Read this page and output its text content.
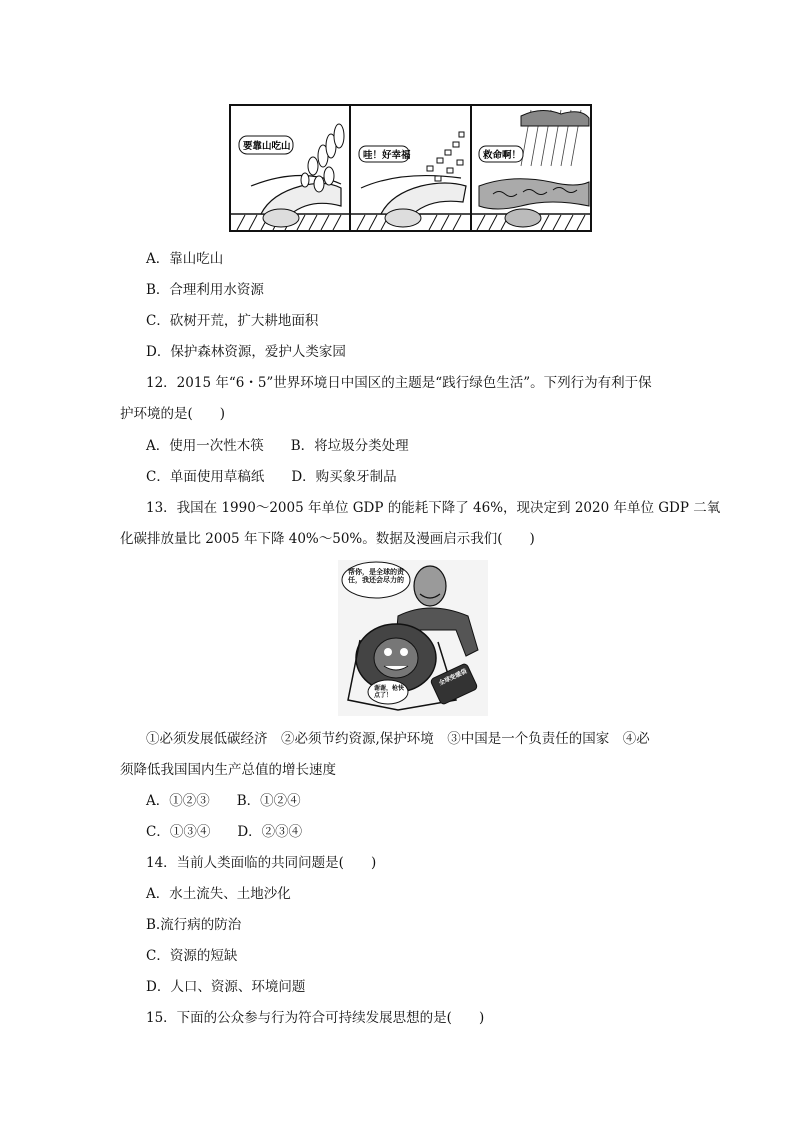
要靠山吃山
哇！好幸福	救命啊！
A．靠山吃山
B．合理利用水资源
C．砍树开荒，扩大耕地面积
D．保护森林资源，爱护人类家园
12．2015 年“6・5”世界环境日中国区的主题是“践行绿色生活”。下列行为有利于保
护环境的是(　　)
A．使用一次性木筷　　B．将垃圾分类处理
C．单面使用草稿纸　　D．购买象牙制品
13．我国在 1990～2005 年单位 GDP 的能耗下降了 46%，现决定到 2020 年单位 GDP 二氧
化碳排放量比 2005 年下降 40%～50%。数据及漫画启示我们(　　)
帮你，是全球的责任，我还会尽力的
谢谢，枪快点了！
全球变暖袋
①必须发展低碳经济　②必须节约资源,保护环境　③中国是一个负责任的国家　④必
须降低我国国内生产总值的增长速度
A．①②③　　B．①②④
C．①③④　　D．②③④
14．当前人类面临的共同问题是(　　)
A．水土流失、土地沙化
B.流行病的防治
C．资源的短缺
D．人口、资源、环境问题
15．下面的公众参与行为符合可持续发展思想的是(　　)
